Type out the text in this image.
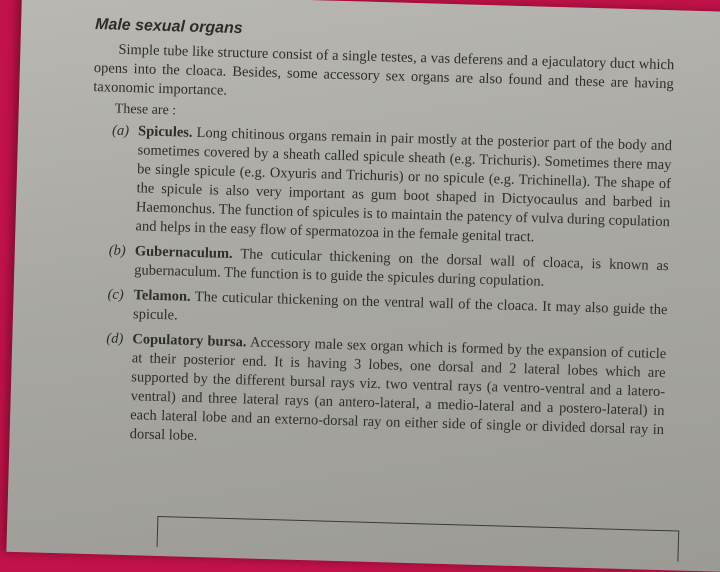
Male sexual organs

Simple tube like structure consist of a single testes, a vas deferens and a ejaculatory duct which opens into the cloaca. Besides, some accessory sex organs are also found and these are having taxonomic importance.

These are :
(a) Spicules. Long chitinous organs remain in pair mostly at the posterior part of the body and sometimes covered by a sheath called spicule sheath (e.g. Trichuris). Sometimes there may be single spicule (e.g. Oxyuris and Trichuris) or no spicule (e.g. Trichinella). The shape of the spicule is also very important as gum boot shaped in Dictyocaulus and barbed in Haemonchus. The function of spicules is to maintain the patency of vulva during copulation and helps in the easy flow of spermatozoa in the female genital tract.
(b) Gubernaculum. The cuticular thickening on the dorsal wall of cloaca, is known as gubernaculum. The function is to guide the spicules during copulation.
(c) Telamon. The cuticular thickening on the ventral wall of the cloaca. It may also guide the spicule.
(d) Copulatory bursa. Accessory male sex organ which is formed by the expansion of cuticle at their posterior end. It is having 3 lobes, one dorsal and 2 lateral lobes which are supported by the different bursal rays viz. two ventral rays (a ventro-ventral and a latero-ventral) and three lateral rays (an antero-lateral, a medio-lateral and a postero-lateral) in each lateral lobe and an externo-dorsal ray on either side of single or divided dorsal ray in dorsal lobe.
